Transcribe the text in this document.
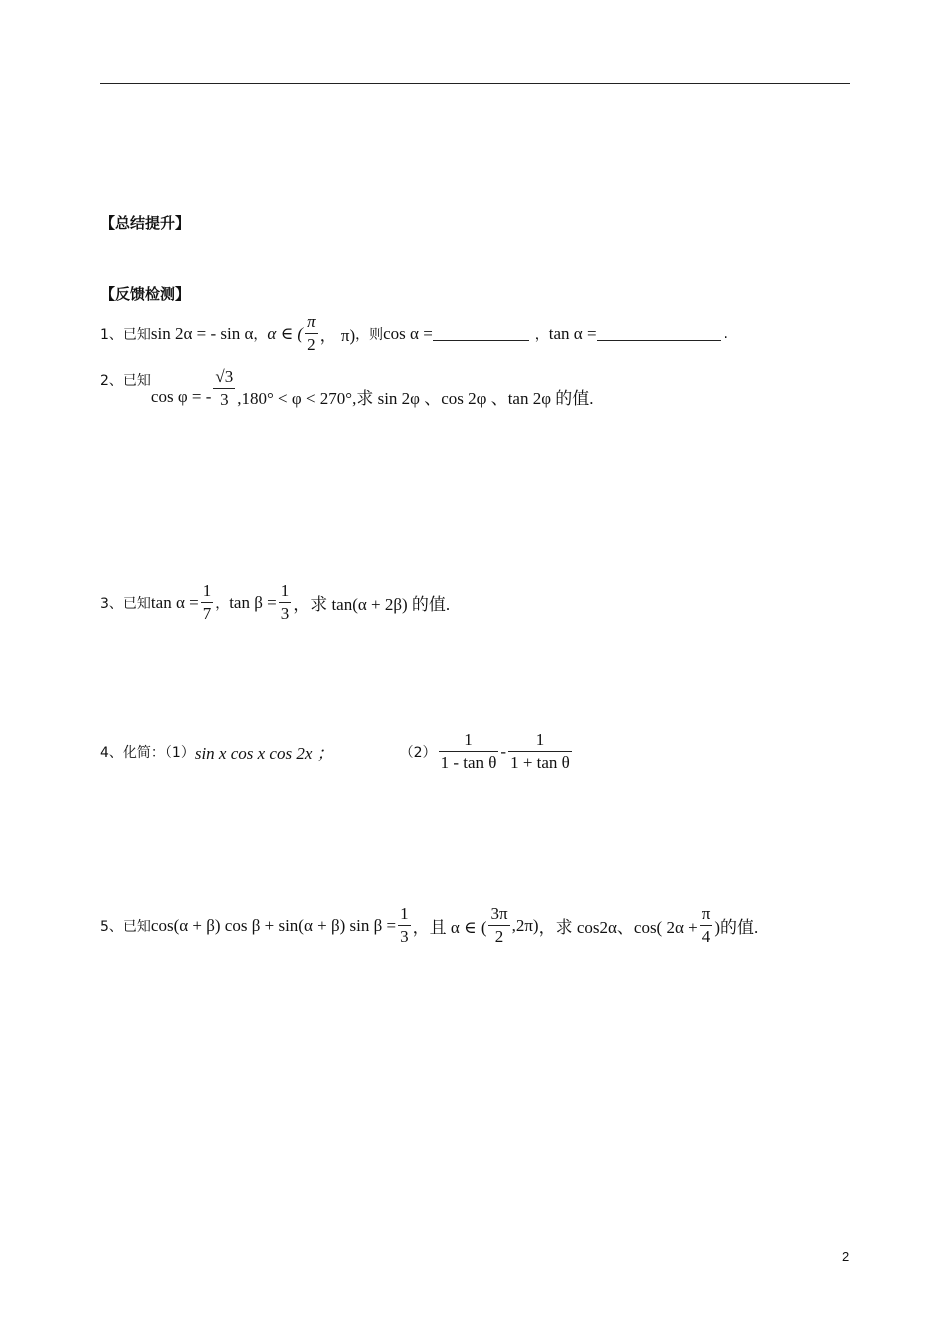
【总结提升】
【反馈检测】
1、已知 sin 2α = - sin α ， α ∈ ( $\frac{\pi}{2}$ ， π) ，则 cos α =	， tan α =	.
2、已知
cos φ = - $\frac{√3}{3} ,180^\circ < \varphi < 270^\circ$,求 sin 2φ 、cos 2φ 、tan 2φ 的值.
3、已知 $\tan \alpha = \frac{1}{7}$ ， $\tan \beta = \frac{1}{3}$ ，求 tan(α + 2β) 的值.
4、化简：（1） sin x cos x cos 2x ；	$(2) \frac{1}{\text{1 - tan θ}} - \frac{1}{\text{1 + tan θ}}$
5、已知 cos(α + β) cos β + sin(α + β) $\sin \beta = \frac{1}{3}$ ，且 α ∈ ( $\frac{3\pi}{2} ,2\pi$) ，求 cos2α、cos( $2\alpha + \frac{\pi}{4}$ )的值.
2
